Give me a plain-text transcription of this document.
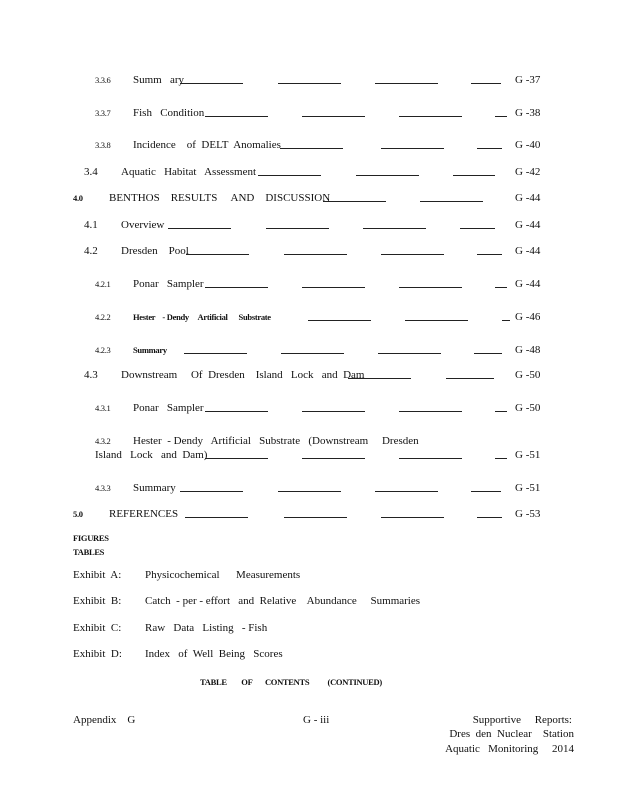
3.3.6 Summ   ary	G -37
3.3.7 Fish   Condition	G -38
3.3.8 Incidence    of  DELT  Anomalies	G -40
3.4 Aquatic   Habitat   Assessment	G -42
4.0 BENTHOS    RESULTS     AND    DISCUSSION	G -44
4.1 Overview	G -44
4.2 Dresden    Pool	G -44
4.2.1 Ponar   Sampler	G -44
4.2.2	Hester    - Dendy     Artificial      Substrate	G -46
4.2.3	Summary	G -48
4.3 Downstream     Of  Dresden    Island   Lock   and  Dam	G -50
4.3.1 Ponar   Sampler	G -50
4.3.2 Hester  - Dendy   Artificial   Substrate   (Downstream     Dresden
Island   Lock   and  Dam)	G -51
4.3.3 Summary	G -51
5.0 REFERENCES	G -53
FIGURES
TABLES
Exhibit  A: Physicochemical      Measurements
Exhibit  B: Catch  - per - effort   and  Relative    Abundance     Summaries
Exhibit  C: Raw   Data   Listing   - Fish
Exhibit  D: Index   of  Well  Being   Scores
TABLE        OF       CONTENTS          (CONTINUED)
Appendix    G	G - iii	Supportive     Reports:
Dres  den  Nuclear    Station
Aquatic   Monitoring     2014
